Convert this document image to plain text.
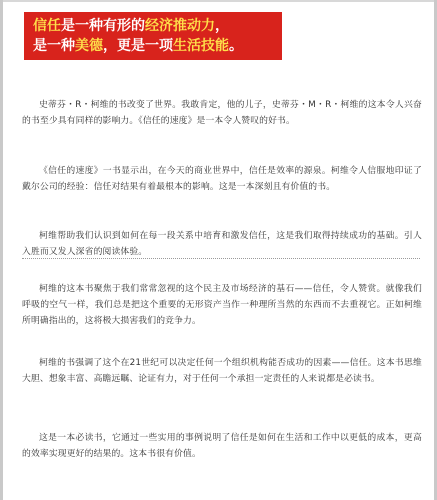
信任是一种有形的经济推动力，
是一种美德，更是一项生活技能。
史蒂芬・R・柯维的书改变了世界。我敢肯定，他的儿子，史蒂芬・M・R・柯维的这本令人兴奋的书至少具有同样的影响力。《信任的速度》是一本令人赞叹的好书。
《信任的速度》一书显示出，在今天的商业世界中，信任是效率的源泉。柯维令人信服地印证了戴尔公司的经验：信任对结果有着最根本的影响。这是一本深刻且有价值的书。
柯维帮助我们认识到如何在每一段关系中培育和激发信任，这是我们取得持续成功的基础。引人入胜而又发人深省的阅读体验。
柯维的这本书聚焦于我们常常忽视的这个民主及市场经济的基石——信任，令人赞赏。就像我们呼吸的空气一样，我们总是把这个重要的无形资产当作一种理所当然的东西而不去重视它。正如柯维所明确指出的，这将极大损害我们的竞争力。
柯维的书强调了这个在21世纪可以决定任何一个组织机构能否成功的因素——信任。这本书思维大胆、想象丰富、高瞻远瞩、论证有力，对于任何一个承担一定责任的人来说都是必读书。
这是一本必读书，它通过一些实用的事例说明了信任是如何在生活和工作中以更低的成本，更高的效率实现更好的结果的。这本书很有价值。
